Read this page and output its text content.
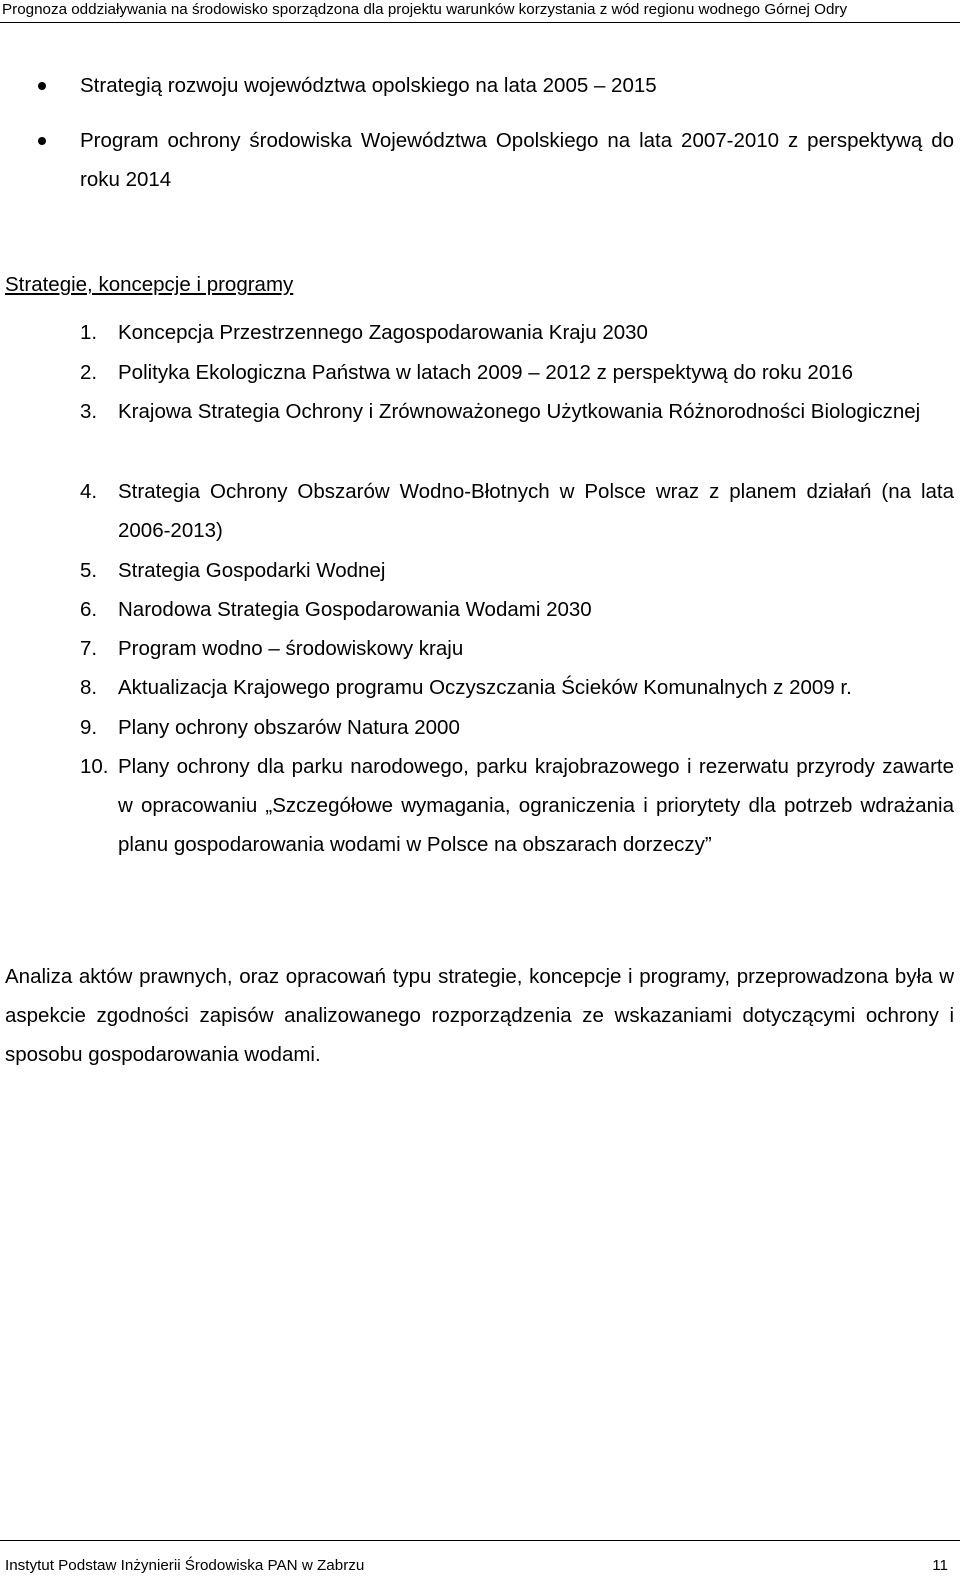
Prognoza oddziaływania na środowisko sporządzona dla projektu warunków korzystania z wód regionu wodnego Górnej Odry
Strategią rozwoju województwa opolskiego na lata 2005 – 2015
Program ochrony środowiska Województwa Opolskiego na lata 2007-2010 z perspektywą do roku 2014
Strategie, koncepcje i programy
1.	Koncepcja Przestrzennego Zagospodarowania Kraju 2030
2.	Polityka Ekologiczna Państwa w latach 2009 – 2012 z perspektywą do roku 2016
3.	Krajowa Strategia Ochrony i Zrównoważonego Użytkowania Różnorodności Biologicznej
4.	Strategia Ochrony Obszarów Wodno-Błotnych w Polsce wraz z planem działań (na lata 2006-2013)
5.	Strategia Gospodarki Wodnej
6.	Narodowa Strategia Gospodarowania Wodami 2030
7.	Program wodno – środowiskowy kraju
8.	Aktualizacja Krajowego programu Oczyszczania Ścieków Komunalnych z 2009 r.
9.	Plany ochrony obszarów Natura 2000
10. Plany ochrony dla parku narodowego, parku krajobrazowego i rezerwatu przyrody zawarte w opracowaniu „Szczegółowe wymagania, ograniczenia i priorytety dla potrzeb wdrażania planu gospodarowania wodami w Polsce na obszarach dorzeczy”
Analiza aktów prawnych, oraz opracowań typu strategie, koncepcje i programy, przeprowadzona była w aspekcie zgodności zapisów analizowanego rozporządzenia ze wskazaniami dotyczącymi ochrony i sposobu gospodarowania wodami.
Instytut Podstaw Inżynierii Środowiska PAN w Zabrzu	11
